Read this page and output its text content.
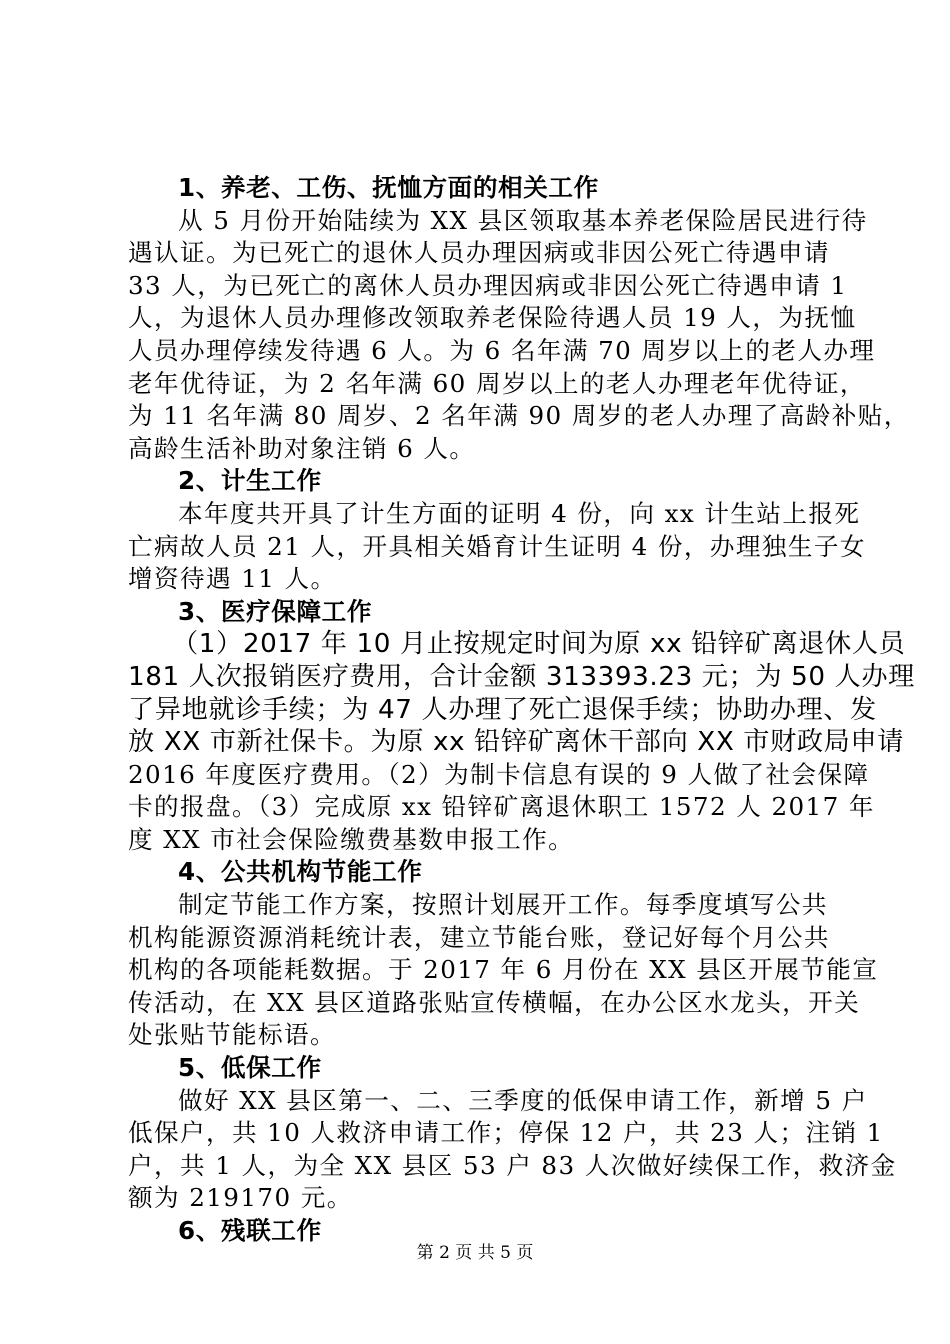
1、养老、工伤、抚恤方面的相关工作

从 5 月份开始陆续为 XX 县区领取基本养老保险居民进行待

遇认证。为已死亡的退休人员办理因病或非因公死亡待遇申请

33 人，为已死亡的离休人员办理因病或非因公死亡待遇申请 1

人，为退休人员办理修改领取养老保险待遇人员 19 人，为抚恤

人员办理停续发待遇 6 人。为 6 名年满 70 周岁以上的老人办理

老年优待证，为 2 名年满 60 周岁以上的老人办理老年优待证，

为 11 名年满 80 周岁、2 名年满 90 周岁的老人办理了高龄补贴，

高龄生活补助对象注销 6 人。

2、计生工作

本年度共开具了计生方面的证明 4 份，向 xx 计生站上报死

亡病故人员 21 人，开具相关婚育计生证明 4 份，办理独生子女

增资待遇 11 人。

3、医疗保障工作

（1）2017 年 10 月止按规定时间为原 xx 铅锌矿离退休人员

181 人次报销医疗费用，合计金额 313393.23 元；为 50 人办理

了异地就诊手续；为 47 人办理了死亡退保手续；协助办理、发

放 XX 市新社保卡。为原 xx 铅锌矿离休干部向 XX 市财政局申请

2016 年度医疗费用。（2）为制卡信息有误的 9 人做了社会保障

卡的报盘。（3）完成原 xx 铅锌矿离退休职工 1572 人 2017 年

度 XX 市社会保险缴费基数申报工作。

4、公共机构节能工作

制定节能工作方案，按照计划展开工作。每季度填写公共

机构能源资源消耗统计表，建立节能台账，登记好每个月公共

机构的各项能耗数据。于 2017 年 6 月份在 XX 县区开展节能宣

传活动，在 XX 县区道路张贴宣传横幅，在办公区水龙头，开关

处张贴节能标语。

5、低保工作

做好 XX 县区第一、二、三季度的低保申请工作，新增 5 户

低保户，共 10 人救济申请工作；停保 12 户，共 23 人；注销 1

户，共 1 人，为全 XX 县区 53 户 83 人次做好续保工作，救济金

额为 219170 元。

6、残联工作

第 2 页 共 5 页
